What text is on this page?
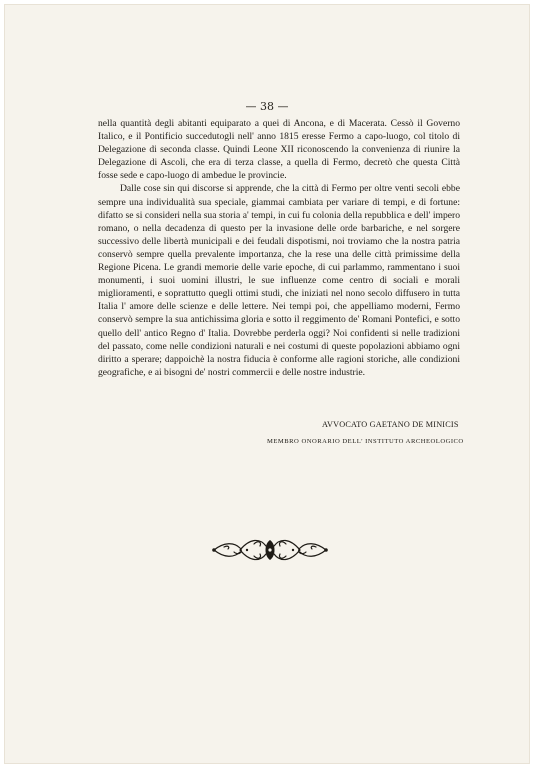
— 38 —

nella quantità degli abitanti equiparato a quei di Ancona, e di Macerata. Cessò il Governo Italico, e il Pontificio succedutogli nell' anno 1815 eresse Fermo a capo-luogo, col titolo di Delegazione di seconda classe. Quindi Leone XII riconoscendo la convenienza di riunire la Delegazione di Ascoli, che era di terza classe, a quella di Fermo, decretò che questa Città fosse sede e capo-luogo di ambedue le provincie.

Dalle cose sin qui discorse si apprende, che la città di Fermo per oltre venti secoli ebbe sempre una individualità sua speciale, giammai cambiata per variare di tempi, e di fortune: difatto se si consideri nella sua storia a' tempi, in cui fu colonia della repubblica e dell' impero romano, o nella decadenza di questo per la invasione delle orde barbariche, e nel sorgere successivo delle libertà municipali e dei feudali dispotismi, noi troviamo che la nostra patria conservò sempre quella prevalente importanza, che la rese una delle città primissime della Regione Picena. Le grandi memorie delle varie epoche, di cui parlammo, rammentano i suoi monumenti, i suoi uomini illustri, le sue influenze come centro di sociali e morali miglioramenti, e soprattutto quegli ottimi studi, che iniziati nel nono secolo diffusero in tutta Italia l' amore delle scienze e delle lettere. Nei tempi poi, che appelliamo moderni, Fermo conservò sempre la sua antichissima gloria e sotto il reggimento de' Romani Pontefici, e sotto quello dell' antico Regno d' Italia. Dovrebbe perderla oggi? Noi confidenti si nelle tradizioni del passato, come nelle condizioni naturali e nei costumi di queste popolazioni abbiamo ogni diritto a sperare; dappoichè la nostra fiducia è conforme alle ragioni storiche, alle condizioni geografiche, e ai bisogni de' nostri commercii e delle nostre industrie.

AVVOCATO GAETANO DE MINICIS
MEMBRO ONORARIO DELL' INSTITUTO ARCHEOLOGICO
